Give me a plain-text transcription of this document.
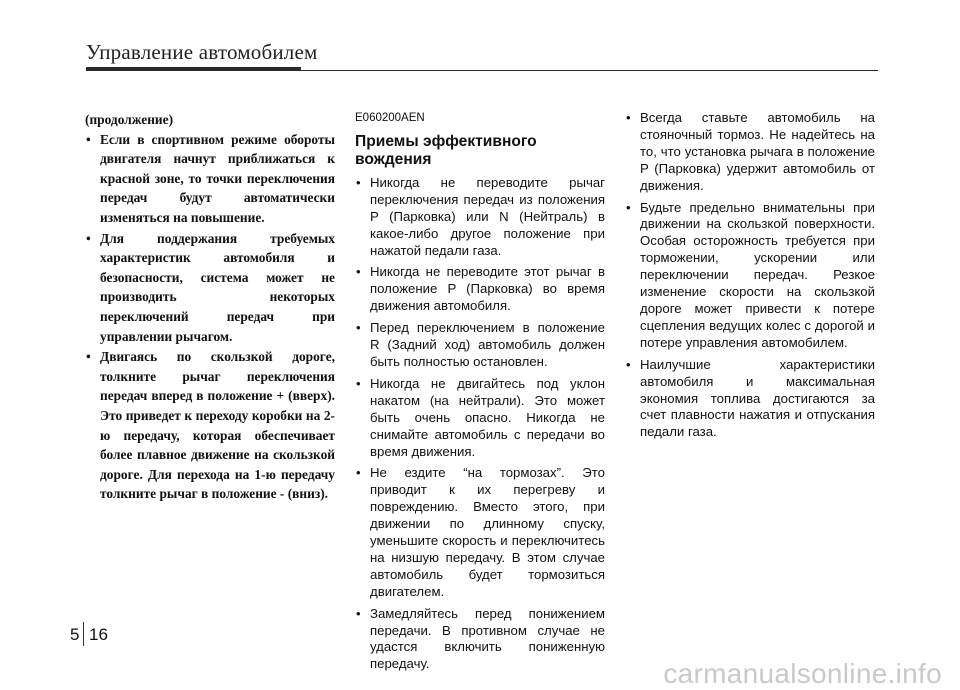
Управление автомобилем
(продолжение)
• Если в спортивном режиме обороты двигателя начнут приближаться к красной зоне, то точки переключения передач будут автоматически изменяться на повышение.
• Для поддержания требуемых характеристик автомобиля и безопасности, система может не производить некоторых переключений передач при управлении рычагом.
• Двигаясь по скользкой дороге, толкните рычаг переключения передач вперед в положение + (вверх). Это приведет к переходу коробки на 2-ю передачу, которая обеспечивает более плавное движение на скользкой дороге. Для перехода на 1-ю передачу толкните рычаг в положение - (вниз).
E060200AEN
Приемы эффективного вождения
• Никогда не переводите рычаг переключения передач из положения P (Парковка) или N (Нейтраль) в какое-либо другое положение при нажатой педали газа.
• Никогда не переводите этот рычаг в положение P (Парковка) во время движения автомобиля.
• Перед переключением в положение R (Задний ход) автомобиль должен быть полностью остановлен.
• Никогда не двигайтесь под уклон накатом (на нейтрали). Это может быть очень опасно. Никогда не снимайте автомобиль с передачи во время движения.
• Не ездите “на тормозах”. Это приводит к их перегреву и повреждению. Вместо этого, при движении по длинному спуску, уменьшите скорость и переключитесь на низшую передачу. В этом случае автомобиль будет тормозиться двигателем.
• Замедляйтесь перед понижением передачи. В противном случае не удастся включить пониженную передачу.
• Всегда ставьте автомобиль на стояночный тормоз. Не надейтесь на то, что установка рычага в положение P (Парковка) удержит автомобиль от движения.
• Будьте предельно внимательны при движении на скользкой поверхности. Особая осторожность требуется при торможении, ускорении или переключении передач. Резкое изменение скорости на скользкой дороге может привести к потере сцепления ведущих колес с дорогой и потере управления автомобилем.
• Наилучшие характеристики автомобиля и максимальная экономия топлива достигаются за счет плавности нажатия и отпускания педали газа.
5 16
carmanualsonline.info
